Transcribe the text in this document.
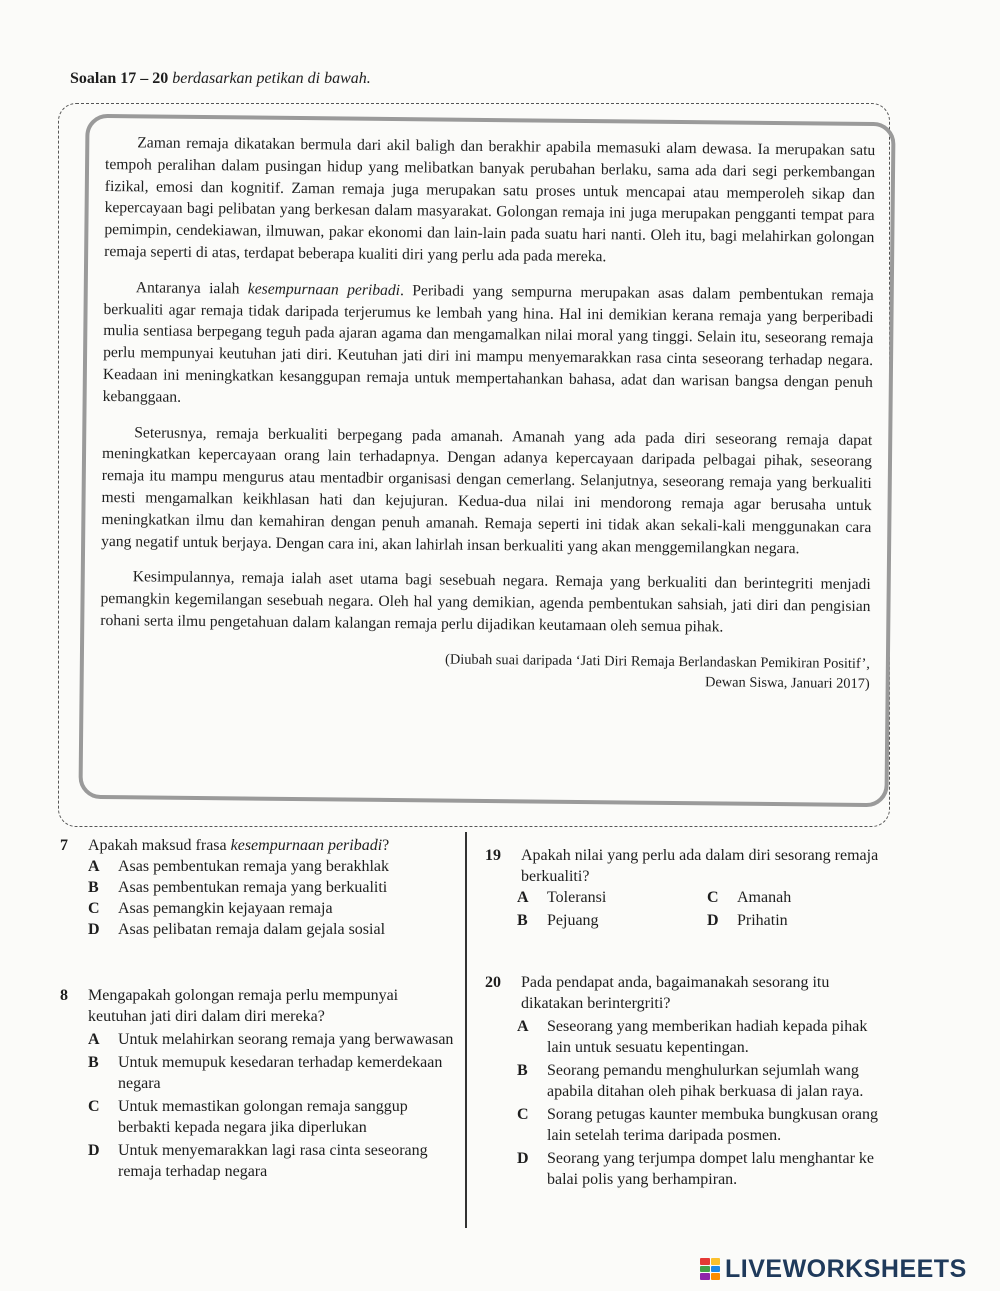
Soalan 17 – 20 berdasarkan petikan di bawah.

Zaman remaja dikatakan bermula dari akil baligh dan berakhir apabila memasuki alam dewasa. Ia merupakan satu tempoh peralihan dalam pusingan hidup yang melibatkan banyak perubahan berlaku, sama ada dari segi perkembangan fizikal, emosi dan kognitif. Zaman remaja juga merupakan satu proses untuk mencapai atau memperoleh sikap dan kepercayaan bagi pelibatan yang berkesan dalam masyarakat. Golongan remaja ini juga merupakan pengganti tempat para pemimpin, cendekiawan, ilmuwan, pakar ekonomi dan lain-lain pada suatu hari nanti. Oleh itu, bagi melahirkan golongan remaja seperti di atas, terdapat beberapa kualiti diri yang perlu ada pada mereka.

Antaranya ialah kesempurnaan peribadi. Peribadi yang sempurna merupakan asas dalam pembentukan remaja berkualiti agar remaja tidak daripada terjerumus ke lembah yang hina. Hal ini demikian kerana remaja yang berperibadi mulia sentiasa berpegang teguh pada ajaran agama dan mengamalkan nilai moral yang tinggi. Selain itu, seseorang remaja perlu mempunyai keutuhan jati diri. Keutuhan jati diri ini mampu menyemarakkan rasa cinta seseorang terhadap negara. Keadaan ini meningkatkan kesanggupan remaja untuk mempertahankan bahasa, adat dan warisan bangsa dengan penuh kebanggaan.

Seterusnya, remaja berkualiti berpegang pada amanah. Amanah yang ada pada diri seseorang remaja dapat meningkatkan kepercayaan orang lain terhadapnya. Dengan adanya kepercayaan daripada pelbagai pihak, seseorang remaja itu mampu mengurus atau mentadbir organisasi dengan cemerlang. Selanjutnya, seseorang remaja yang berkualiti mesti mengamalkan keikhlasan hati dan kejujuran. Kedua-dua nilai ini mendorong remaja agar berusaha untuk meningkatkan ilmu dan kemahiran dengan penuh amanah. Remaja seperti ini tidak akan sekali-kali menggunakan cara yang negatif untuk berjaya. Dengan cara ini, akan lahirlah insan berkualiti yang akan menggemilangkan negara.

Kesimpulannya, remaja ialah aset utama bagi sesebuah negara. Remaja yang berkualiti dan berintegriti menjadi pemangkin kegemilangan sesebuah negara. Oleh hal yang demikian, agenda pembentukan sahsiah, jati diri dan pengisian rohani serta ilmu pengetahuan dalam kalangan remaja perlu dijadikan keutamaan oleh semua pihak.

(Diubah suai daripada ‘Jati Diri Remaja Berlandaskan Pemikiran Positif’,
Dewan Siswa, Januari 2017)
7 Apakah maksud frasa kesempurnaan peribadi?
A Asas pembentukan remaja yang berakhlak
B Asas pembentukan remaja yang berkualiti
C Asas pemangkin kejayaan remaja
D Asas pelibatan remaja dalam gejala sosial
8 Mengapakah golongan remaja perlu mempunyai keutuhan jati diri dalam diri mereka?
A Untuk melahirkan seorang remaja yang berwawasan
B Untuk memupuk kesedaran terhadap kemerdekaan negara
C Untuk memastikan golongan remaja sanggup berbakti kepada negara jika diperlukan
D Untuk menyemarakkan lagi rasa cinta seseorang remaja terhadap negara
19 Apakah nilai yang perlu ada dalam diri sesorang remaja berkualiti?
A Toleransi	C Amanah
B Pejuang	D Prihatin
20 Pada pendapat anda, bagaimanakah sesorang itu dikatakan berintergriti?
A Seseorang yang memberikan hadiah kepada pihak lain untuk sesuatu kepentingan.
B Seorang pemandu menghulurkan sejumlah wang apabila ditahan oleh pihak berkuasa di jalan raya.
C Sorang petugas kaunter membuka bungkusan orang lain setelah terima daripada posmen.
D Seorang yang terjumpa dompet lalu menghantar ke balai polis yang berhampiran.
LIVEWORKSHEETS
